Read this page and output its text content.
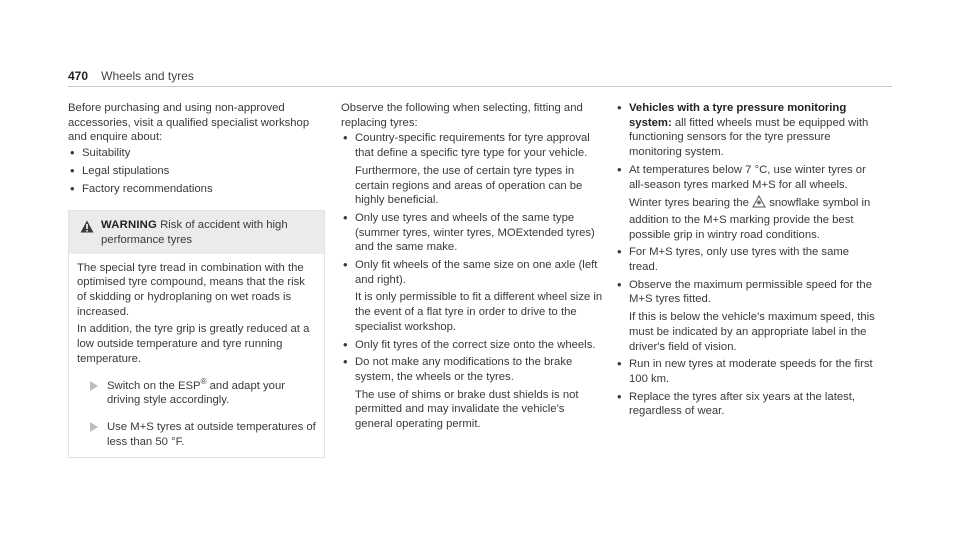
470 Wheels and tyres

Before purchasing and using non-approved accessories, visit a qualified specialist workshop and enquire about:

• Suitability
• Legal stipulations
• Factory recommendations
WARNING Risk of accident with high performance tyres

The special tyre tread in combination with the optimised tyre compound, means that the risk of skidding or hydroplaning on wet roads is increased.

In addition, the tyre grip is greatly reduced at a low outside temperature and tyre running temperature.

Switch on the ESP® and adapt your driving style accordingly.
Use M+S tyres at outside temperatures of less than 50 °F.

Observe the following when selecting, fitting and replacing tyres:

• Country-specific requirements for tyre approval that define a specific tyre type for your vehicle.

Furthermore, the use of certain tyre types in certain regions and areas of operation can be highly beneficial.

• Only use tyres and wheels of the same type (summer tyres, winter tyres, MOExtended tyres) and the same make.
• Only fit wheels of the same size on one axle (left and right).

It is only permissible to fit a different wheel size in the event of a flat tyre in order to drive to the specialist workshop.

• Only fit tyres of the correct size onto the wheels.
• Do not make any modifications to the brake system, the wheels or the tyres.

The use of shims or brake dust shields is not permitted and may invalidate the vehicle's general operating permit.

• Vehicles with a tyre pressure monitoring system: all fitted wheels must be equipped with functioning sensors for the tyre pressure monitoring system.
• At temperatures below 7 °C, use winter tyres or all-season tyres marked M+S for all wheels.

Winter tyres bearing the  snowflake symbol in addition to the M+S marking provide the best possible grip in wintry road conditions.

• For M+S tyres, only use tyres with the same tread.
• Observe the maximum permissible speed for the M+S tyres fitted.

If this is below the vehicle's maximum speed, this must be indicated by an appropriate label in the driver's field of vision.

• Run in new tyres at moderate speeds for the first 100 km.
• Replace the tyres after six years at the latest, regardless of wear.
